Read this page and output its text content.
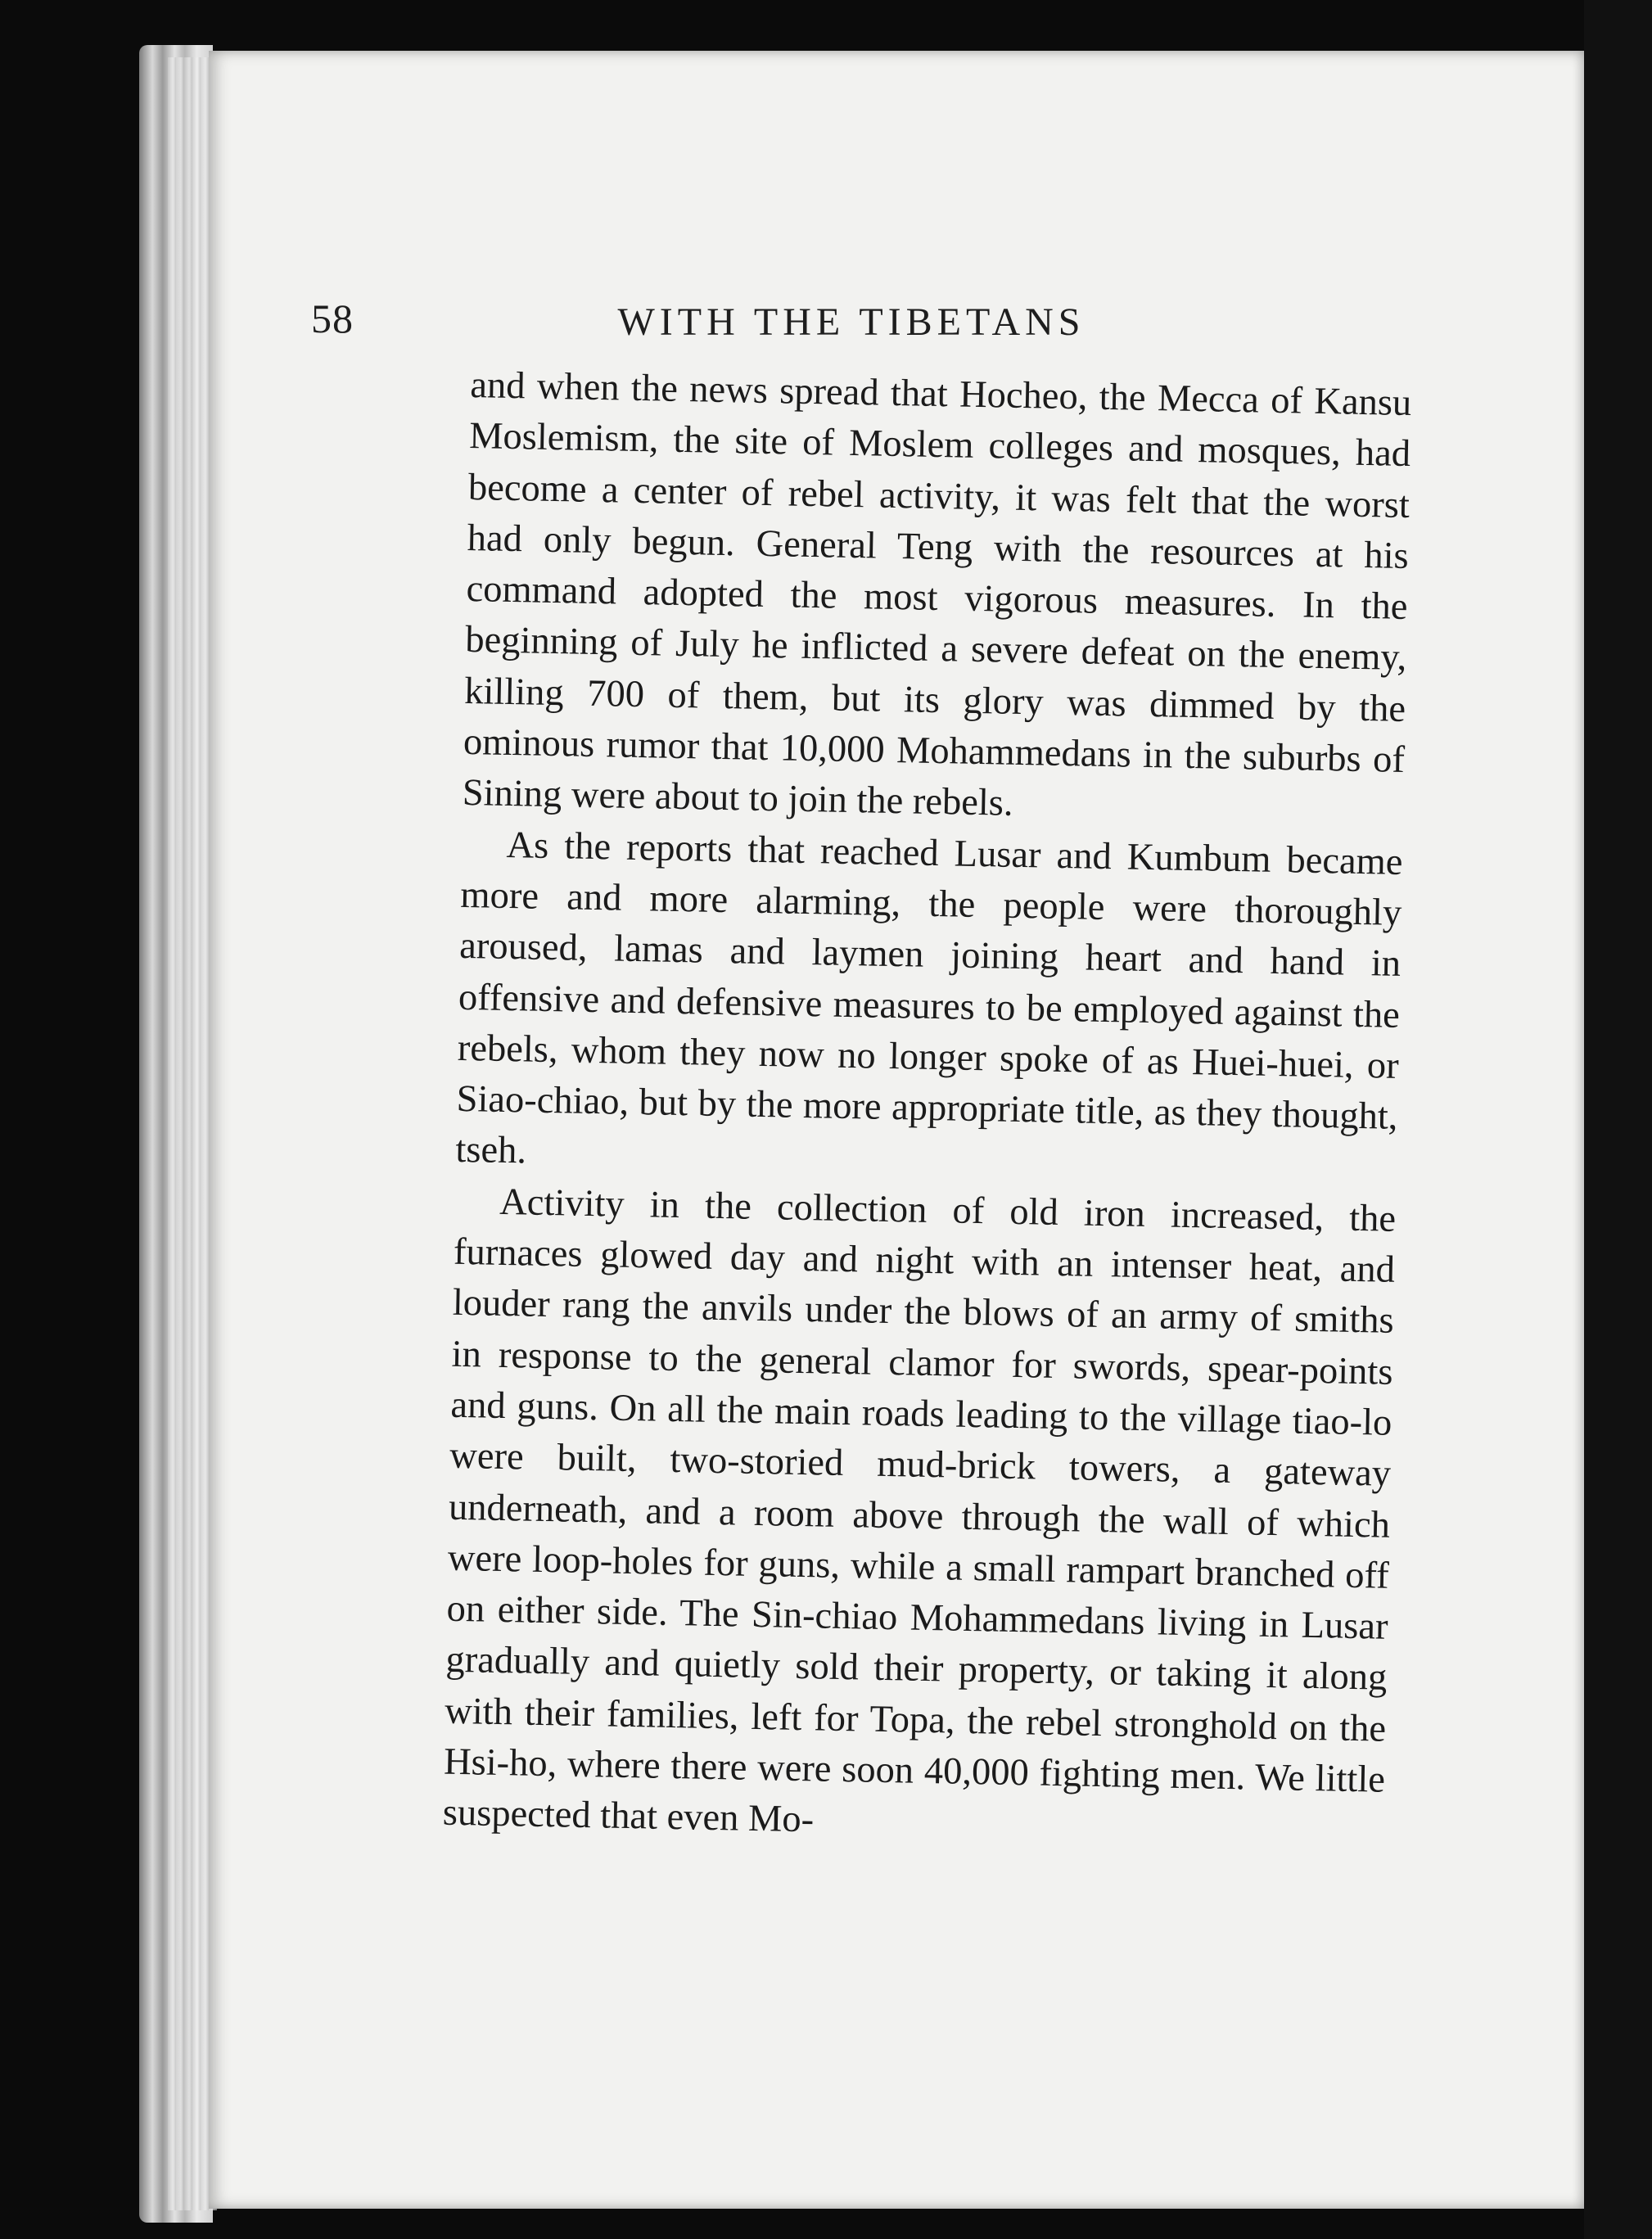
58	WITH THE TIBETANS

and when the news spread that Hocheo, the Mecca of Kansu Moslemism, the site of Moslem colleges and mosques, had become a center of rebel activity, it was felt that the worst had only begun. General Teng with the resources at his command adopted the most vigorous measures. In the beginning of July he inflicted a severe defeat on the enemy, killing 700 of them, but its glory was dimmed by the ominous rumor that 10,000 Mohammedans in the suburbs of Sining were about to join the rebels.

As the reports that reached Lusar and Kumbum became more and more alarming, the people were thoroughly aroused, lamas and laymen joining heart and hand in offensive and defensive measures to be employed against the rebels, whom they now no longer spoke of as Huei-huei, or Siao-chiao, but by the more appropriate title, as they thought, tseh.

Activity in the collection of old iron increased, the furnaces glowed day and night with an intenser heat, and louder rang the anvils under the blows of an army of smiths in response to the general clamor for swords, spear-points and guns. On all the main roads leading to the village tiao-lo were built, two-storied mud-brick towers, a gateway underneath, and a room above through the wall of which were loop-holes for guns, while a small rampart branched off on either side. The Sin-chiao Mohammedans living in Lusar gradually and quietly sold their property, or taking it along with their families, left for Topa, the rebel stronghold on the Hsi-ho, where there were soon 40,000 fighting men. We little suspected that even Mo-
